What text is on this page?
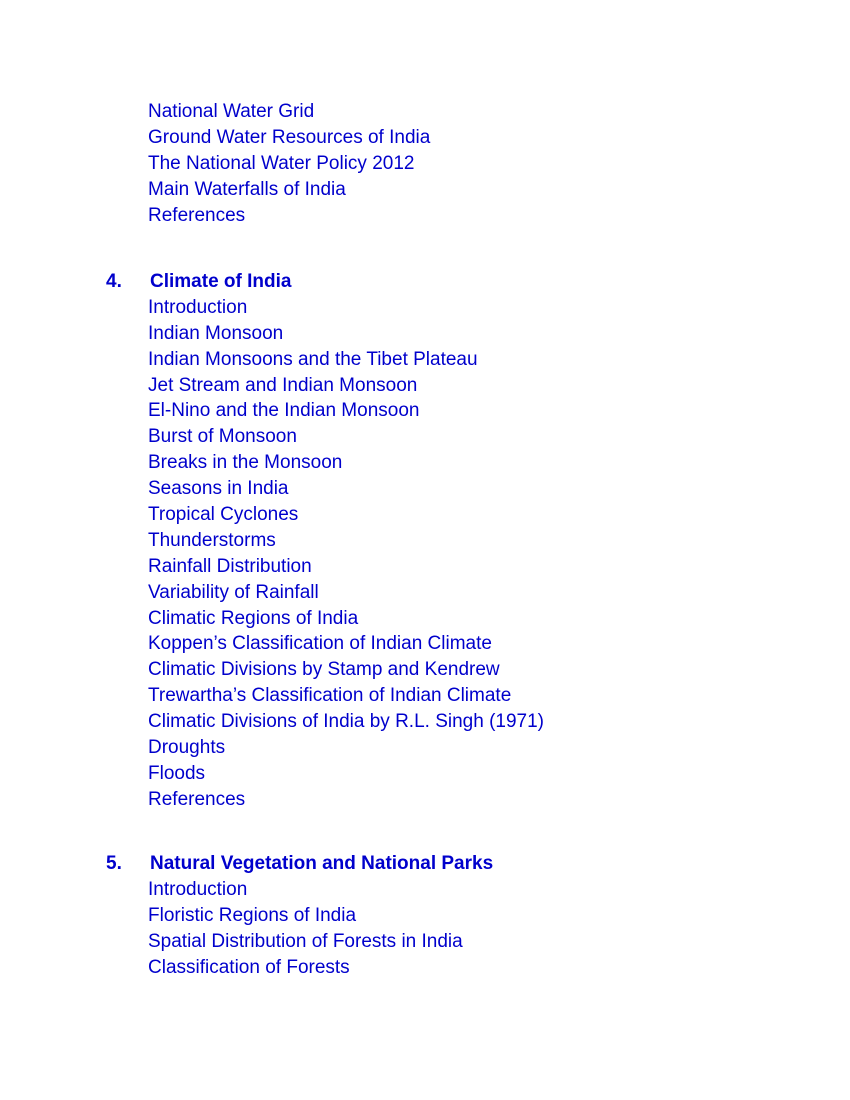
National Water Grid
Ground Water Resources of India
The National Water Policy 2012
Main Waterfalls of India
References
4. Climate of India
Introduction
Indian Monsoon
Indian Monsoons and the Tibet Plateau
Jet Stream and Indian Monsoon
El-Nino and the Indian Monsoon
Burst of Monsoon
Breaks in the Monsoon
Seasons in India
Tropical Cyclones
Thunderstorms
Rainfall Distribution
Variability of Rainfall
Climatic Regions of India
Koppen’s Classification of Indian Climate
Climatic Divisions by Stamp and Kendrew
Trewartha’s Classification of Indian Climate
Climatic Divisions of India by R.L. Singh (1971)
Droughts
Floods
References
5. Natural Vegetation and National Parks
Introduction
Floristic Regions of India
Spatial Distribution of Forests in India
Classification of Forests
